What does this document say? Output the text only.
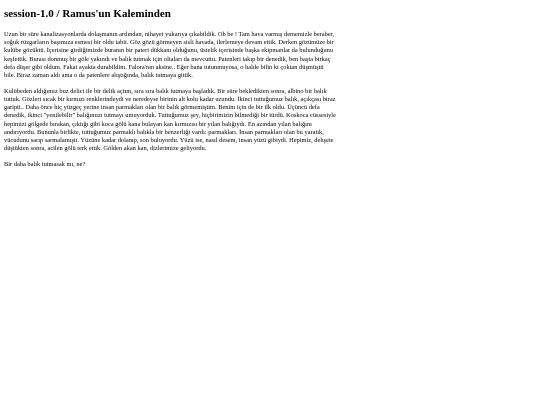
session-1.0 / Ramus'un Kaleminden

Uzun bir süre kanalizasyonlarda dolaşmanın ardından, nihayet yukarıya çıkabildik. Oh be ! Tam hava varmış dememizle beraber, soğuk rüzgarların başımıza esmesi bir oldu tabii. Göz gözü görmeyen sisli havada, ilerlemeye devam ettik. Derken gözümüze bir kulübe gözüktü. İçerisine girdiğimizde buranın bir pateri dükkanı olduğunu, üstelik içerisinde başka ekipmanlar da bulunduğunu keşfettik. Burası donmuş bir göle yakındı ve balık tutmak için oltaları da mevcuttu. Patenleri takıp bir denedik, ben başta birkaç defa düşer gibi oldum. Fakat ayakta durabildim. Falora'nın aksine.. Eğer bana tutunmuyosa, o halde bilin ki çoktan düşmüştü bile. Biraz zaman aldı ama o da patenlere alıştığında, balık tutmaya gittik.

Kulübeden aldığımız buz delici ile bir delik açtım, sıra sıra balık tutmaya başladık. Bir süre bekledikten sonra, albino bir balık tuttuk. Gözleri sıcak bir kırmızı renklerindeydi ve neredeyse birinin alt kolu kadar uzundu. İkinci tuttuğumuz balık, açıkçası biraz garipti.. Daha önce hiç yüzgeç yerine insan parmakları olan bir balık görmemiştim. Benim için de bir ilk oldu. Üçüncü defa denedik, ikinci "yenilebilir" balığımızı tutmayı umuyorduk. Tuttuğumuz şey, hiçbirimizin bilmediği bir türdü. Koskoca cüssesiyle hepimizi gölgede bırakan, çıktığı gibi koca gölü kana bulayan kan kırmızısı bir yılan balığıydı. En azından yılan balığını andırıyordu. Bununla birlikte, tuttuğumuz parmaklı balıkla bir benzerliği vardı: parmakları. İnsan parmakları olan bu yaratık, vücudunu sarıp sarmalamıştı. Yüzüne kadar dolanıp, son buluyordu. Yüzü ise, nasıl desem, insan yüzü gibiydi. Hepimiz, dehşete düştükten sonra, acilen gölü terk ettik. Gölden akan kan, dizlerimize geliyordu.

Bir daha balık tutmasak mı, ne?
